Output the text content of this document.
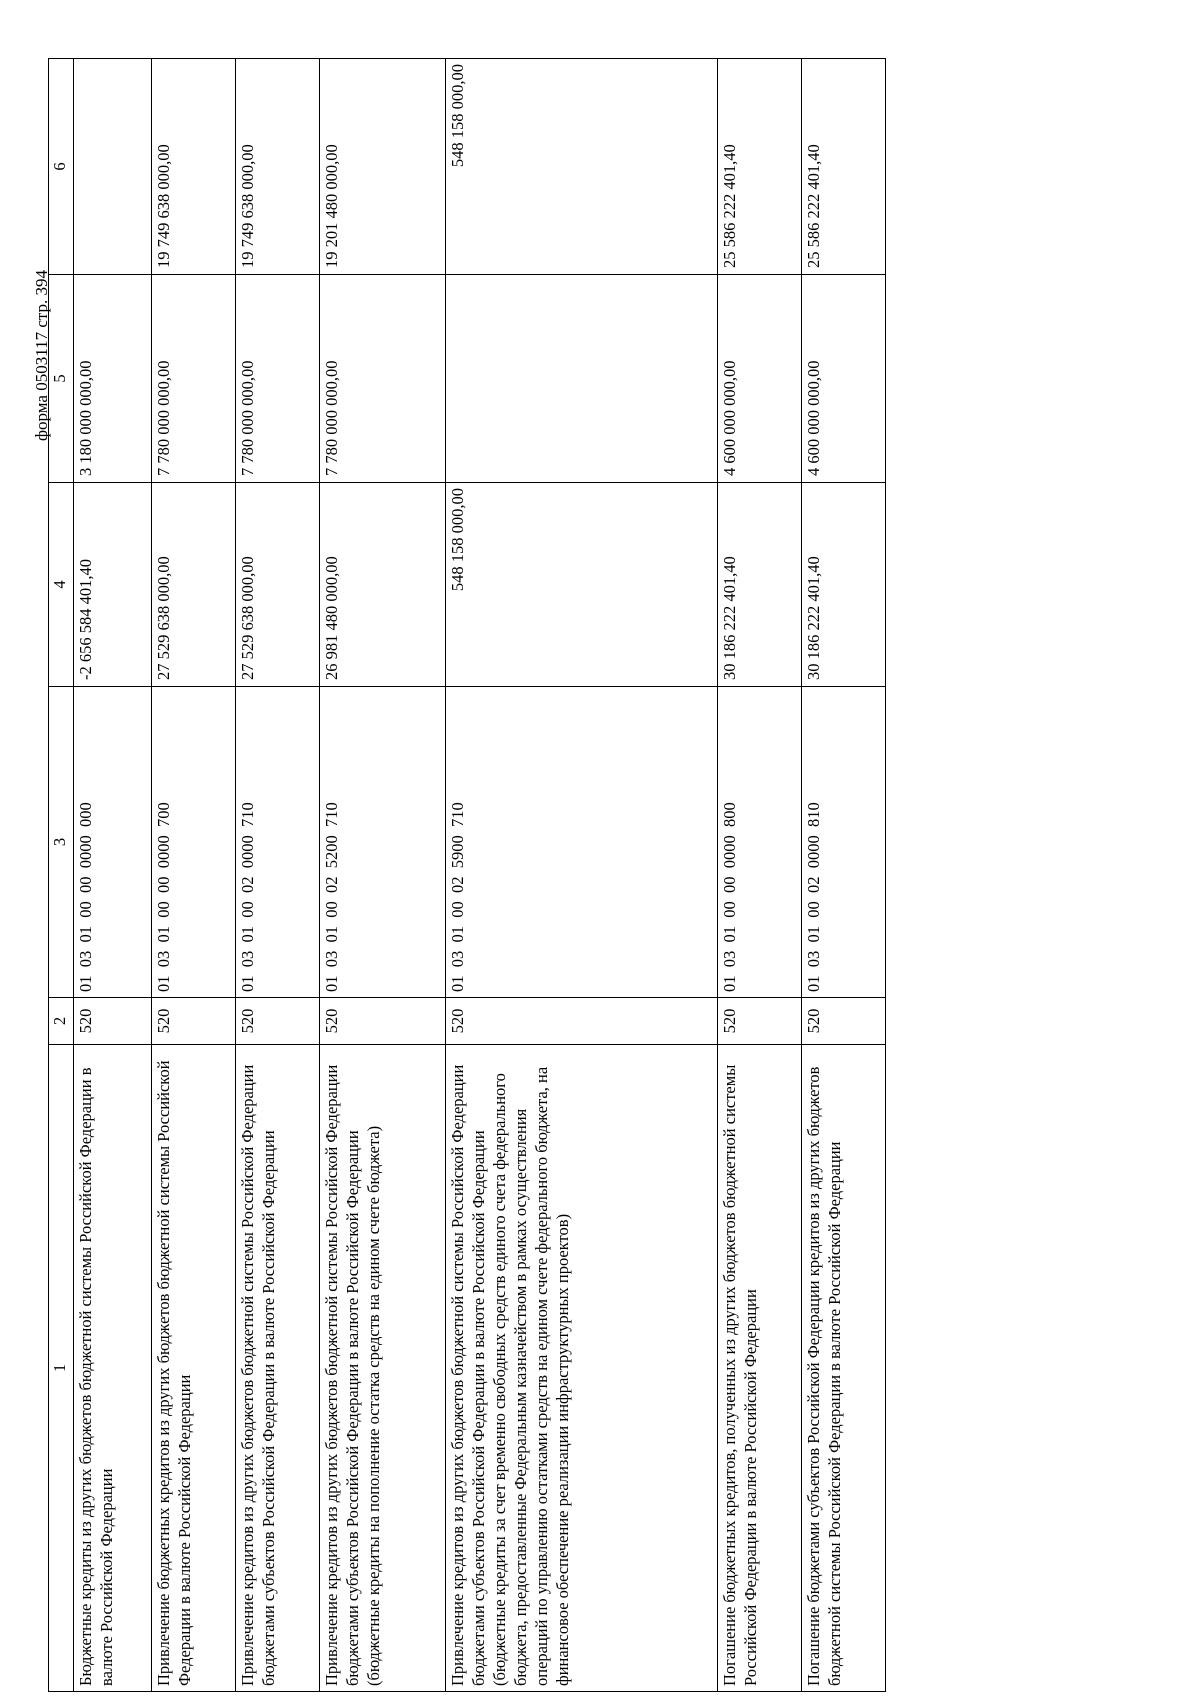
форма 0503117 стр. 394
1	2	3	4	5	6
Бюджетные кредиты из других бюджетов бюджетной системы Российской Федерации в валюте Российской Федерации	520	01  03  01  00  00  0000  000	-2 656 584 401,40	3 180 000 000,00	
Привлечение бюджетных кредитов из других бюджетов бюджетной системы Российской Федерации в валюте Российской Федерации	520	01  03  01  00  00  0000  700	27 529 638 000,00	7 780 000 000,00	19 749 638 000,00
Привлечение кредитов из других бюджетов бюджетной системы Российской Федерации бюджетами субъектов Российской Федерации в валюте Российской Федерации	520	01  03  01  00  02  0000  710	27 529 638 000,00	7 780 000 000,00	19 749 638 000,00
Привлечение кредитов из других бюджетов бюджетной системы Российской Федерации бюджетами субъектов Российской Федерации в валюте Российской Федерации (бюджетные кредиты на пополнение остатка средств на едином счете бюджета)	520	01  03  01  00  02  5200  710	26 981 480 000,00	7 780 000 000,00	19 201 480 000,00
Привлечение кредитов из других бюджетов бюджетной системы Российской Федерации бюджетами субъектов Российской Федерации в валюте Российской Федерации (бюджетные кредиты за счет временно свободных средств единого счета федерального бюджета, предоставленные Федеральным казначейством в рамках осуществления операций по управлению остатками средств на едином счете федерального бюджета, на финансовое обеспечение реализации инфраструктурных проектов)	520	01  03  01  00  02  5900  710	548 158 000,00		548 158 000,00
Погашение бюджетных кредитов, полученных из других бюджетов бюджетной системы Российской Федерации в валюте Российской Федерации	520	01  03  01  00  00  0000  800	30 186 222 401,40	4 600 000 000,00	25 586 222 401,40
Погашение бюджетами субъектов Российской Федерации кредитов из других бюджетов бюджетной системы Российской Федерации в валюте Российской Федерации	520	01  03  01  00  02  0000  810	30 186 222 401,40	4 600 000 000,00	25 586 222 401,40
